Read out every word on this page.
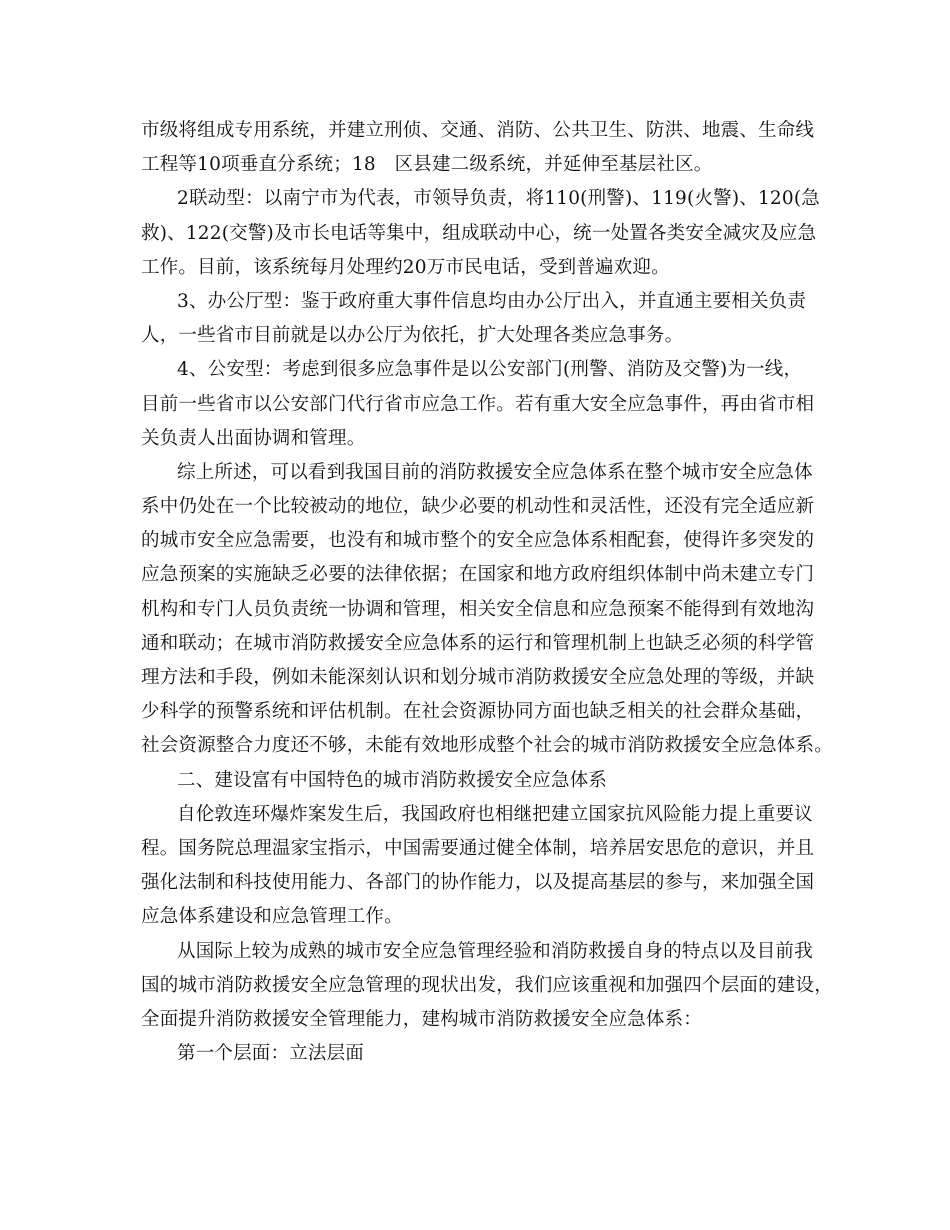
市级将组成专用系统，并建立刑侦、交通、消防、公共卫生、防洪、地震、生命线
工程等10项垂直分系统；18　区县建二级系统，并延伸至基层社区。
2联动型：以南宁市为代表，市领导负责，将110(刑警)、119(火警)、120(急
救)、122(交警)及市长电话等集中，组成联动中心，统一处置各类安全减灾及应急
工作。目前，该系统每月处理约20万市民电话，受到普遍欢迎。
3、办公厅型：鉴于政府重大事件信息均由办公厅出入，并直通主要相关负责
人，一些省市目前就是以办公厅为依托，扩大处理各类应急事务。
4、公安型：考虑到很多应急事件是以公安部门(刑警、消防及交警)为一线，
目前一些省市以公安部门代行省市应急工作。若有重大安全应急事件，再由省市相
关负责人出面协调和管理。
综上所述，可以看到我国目前的消防救援安全应急体系在整个城市安全应急体
系中仍处在一个比较被动的地位，缺少必要的机动性和灵活性，还没有完全适应新
的城市安全应急需要，也没有和城市整个的安全应急体系相配套，使得许多突发的
应急预案的实施缺乏必要的法律依据；在国家和地方政府组织体制中尚未建立专门
机构和专门人员负责统一协调和管理，相关安全信息和应急预案不能得到有效地沟
通和联动；在城市消防救援安全应急体系的运行和管理机制上也缺乏必须的科学管
理方法和手段，例如未能深刻认识和划分城市消防救援安全应急处理的等级，并缺
少科学的预警系统和评估机制。在社会资源协同方面也缺乏相关的社会群众基础，
社会资源整合力度还不够，未能有效地形成整个社会的城市消防救援安全应急体系。
二、建设富有中国特色的城市消防救援安全应急体系
自伦敦连环爆炸案发生后，我国政府也相继把建立国家抗风险能力提上重要议
程。国务院总理温家宝指示，中国需要通过健全体制，培养居安思危的意识，并且
强化法制和科技使用能力、各部门的协作能力，以及提高基层的参与，来加强全国
应急体系建设和应急管理工作。
从国际上较为成熟的城市安全应急管理经验和消防救援自身的特点以及目前我
国的城市消防救援安全应急管理的现状出发，我们应该重视和加强四个层面的建设，
全面提升消防救援安全管理能力，建构城市消防救援安全应急体系：
第一个层面：立法层面
